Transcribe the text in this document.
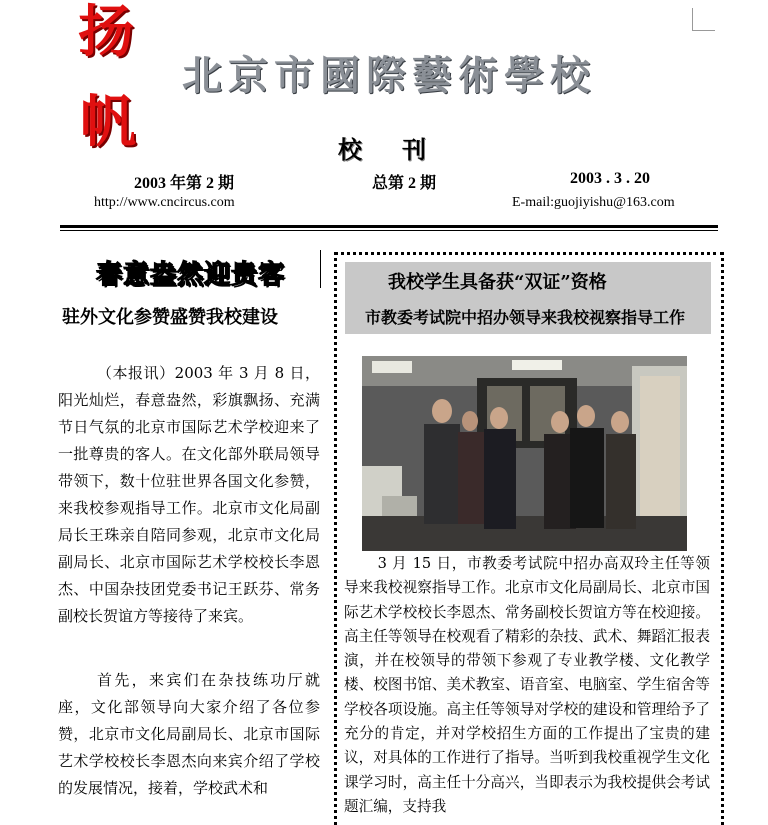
扬
帆
北京市國際藝術學校
校刊
2003 年第 2 期	总第 2 期	2003 . 3 . 20
http://www.cncircus.com	E-mail:guojiyishu@163.com
春意盎然迎贵客
驻外文化参赞盛赞我校建设
（本报讯）2003 年 3 月 8 日，阳光灿烂，春意盎然，彩旗飘扬、充满节日气氛的北京市国际艺术学校迎来了一批尊贵的客人。在文化部外联局领导带领下，数十位驻世界各国文化参赞，来我校参观指导工作。北京市文化局副局长王珠亲自陪同参观，北京市文化局副局长、北京市国际艺术学校校长李恩杰、中国杂技团党委书记王跃芬、常务副校长贺谊方等接待了来宾。
首先，来宾们在杂技练功厅就座，文化部领导向大家介绍了各位参赞，北京市文化局副局长、北京市国际艺术学校校长李恩杰向来宾介绍了学校的发展情况，接着，学校武术和
我校学生具备获“双证”资格
市教委考试院中招办领导来我校视察指导工作
3 月 15 日，市教委考试院中招办高双玲主任等领导来我校视察指导工作。北京市文化局副局长、北京市国际艺术学校校长李恩杰、常务副校长贺谊方等在校迎接。高主任等领导在校观看了精彩的杂技、武术、舞蹈汇报表演，并在校领导的带领下参观了专业教学楼、文化教学楼、校图书馆、美术教室、语音室、电脑室、学生宿舍等学校各项设施。高主任等领导对学校的建设和管理给予了充分的肯定，并对学校招生方面的工作提出了宝贵的建议，对具体的工作进行了指导。当听到我校重视学生文化课学习时，高主任十分高兴，当即表示为我校提供会考试题汇编，支持我
